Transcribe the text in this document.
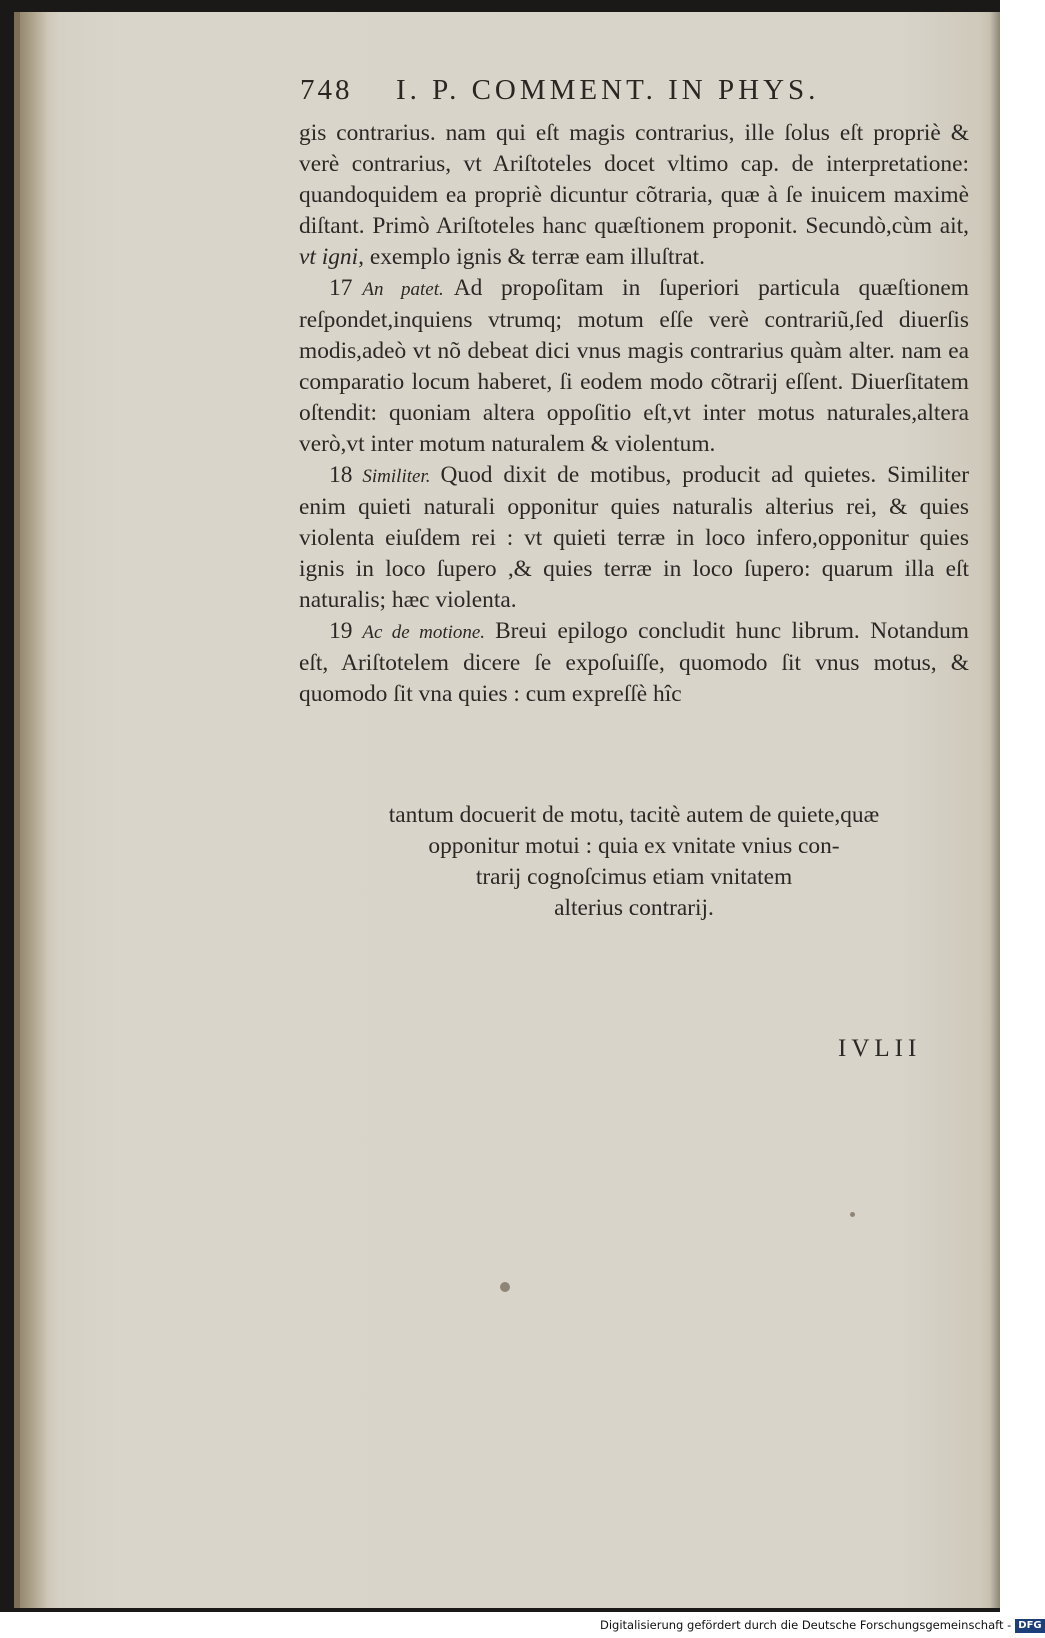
748 I. P. COMMENT. IN PHYS.

gis contrarius. nam qui eſt magis contrarius, ille ſolus eſt propriè & verè contrarius, vt Ariſtoteles docet vltimo cap. de interpretatione: quandoquidem ea propriè dicuntur cõtraria, quæ à ſe inuicem maximè diſtant. Primò Ariſtoteles hanc quæſtionem proponit. Secundò,cùm ait, vt igni, exemplo ignis & terræ eam illuſtrat.

17 An patet. Ad propoſitam in ſuperiori particula quæſtionem reſpondet,inquiens vtrumq; motum eſſe verè contrariũ,ſed diuerſis modis,adeò vt nõ debeat dici vnus magis contrarius quàm alter. nam ea comparatio locum haberet, ſi eodem modo cõtrarij eſſent. Diuerſitatem oſtendit: quoniam altera oppoſitio eſt,vt inter motus naturales,altera verò,vt inter motum naturalem & violentum.

18 Similiter. Quod dixit de motibus, producit ad quietes. Similiter enim quieti naturali opponitur quies naturalis alterius rei, & quies violenta eiuſdem rei : vt quieti terræ in loco infero,opponitur quies ignis in loco ſupero ,& quies terræ in loco ſupero: quarum illa eſt naturalis; hæc violenta.

19 Ac de motione. Breui epilogo concludit hunc librum. Notandum eſt, Ariſtotelem dicere ſe expoſuiſſe, quomodo ſit vnus motus, & quomodo ſit vna quies : cum expreſſè hîc

tantum docuerit de motu, tacitè autem de quiete,quæ
opponitur motui : quia ex vnitate vnius con-
trarij cognoſcimus etiam vnitatem
alterius contrarij.
IVLII
Digitalisierung gefördert durch die Deutsche Forschungsgemeinschaft - DFG
